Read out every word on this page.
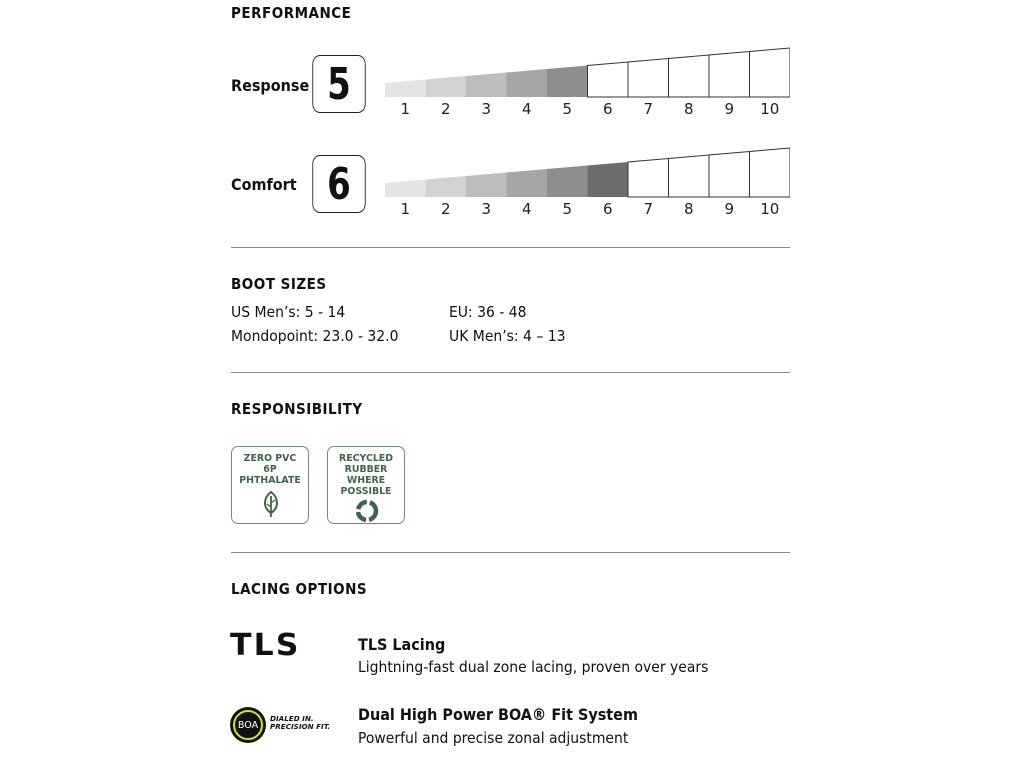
PERFORMANCE
Response 5	1 2 3 4 5 6 7 8 9 10
Comfort 6	1 2 3 4 5 6 7 8 9 10
BOOT SIZES
US Men’s: 5 - 14	EU: 36 - 48
Mondopoint: 23.0 - 32.0	UK Men’s: 4 – 13
RESPONSIBILITY
ZERO PVC
6P
PHTHALATE
RECYCLED
RUBBER
WHERE
POSSIBLE
LACING OPTIONS
TLS	TLS Lacing
Lightning-fast dual zone lacing, proven over years
BOA
DIALED IN.
PRECISION FIT.
Dual High Power BOA® Fit System
Powerful and precise zonal adjustment
